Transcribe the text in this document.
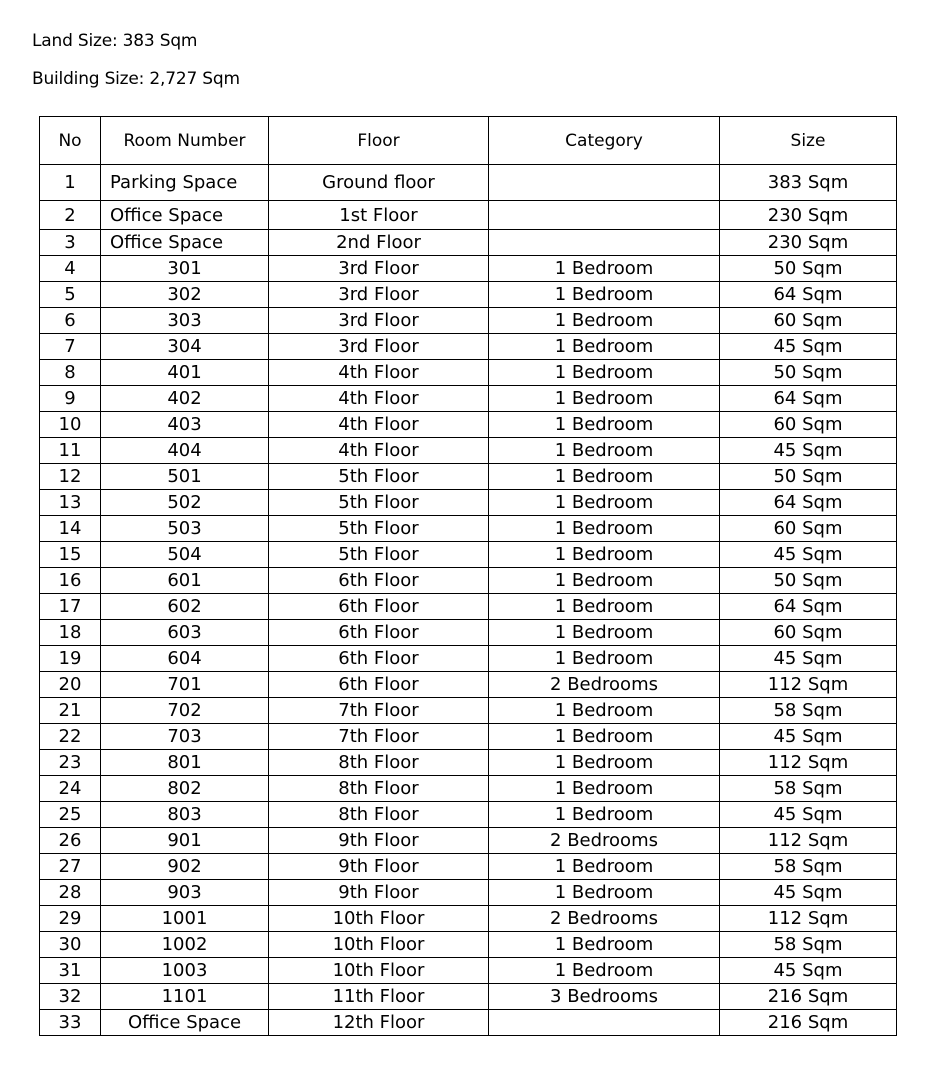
Land Size: 383 Sqm
Building Size: 2,727 Sqm
No	Room Number	Floor	Category	Size
1	Parking Space	Ground floor		383 Sqm
2	Office Space	1st Floor		230 Sqm
3	Office Space	2nd Floor		230 Sqm
4	301	3rd Floor	1 Bedroom	50 Sqm
5	302	3rd Floor	1 Bedroom	64 Sqm
6	303	3rd Floor	1 Bedroom	60 Sqm
7	304	3rd Floor	1 Bedroom	45 Sqm
8	401	4th Floor	1 Bedroom	50 Sqm
9	402	4th Floor	1 Bedroom	64 Sqm
10	403	4th Floor	1 Bedroom	60 Sqm
11	404	4th Floor	1 Bedroom	45 Sqm
12	501	5th Floor	1 Bedroom	50 Sqm
13	502	5th Floor	1 Bedroom	64 Sqm
14	503	5th Floor	1 Bedroom	60 Sqm
15	504	5th Floor	1 Bedroom	45 Sqm
16	601	6th Floor	1 Bedroom	50 Sqm
17	602	6th Floor	1 Bedroom	64 Sqm
18	603	6th Floor	1 Bedroom	60 Sqm
19	604	6th Floor	1 Bedroom	45 Sqm
20	701	6th Floor	2 Bedrooms	112 Sqm
21	702	7th Floor	1 Bedroom	58 Sqm
22	703	7th Floor	1 Bedroom	45 Sqm
23	801	8th Floor	1 Bedroom	112 Sqm
24	802	8th Floor	1 Bedroom	58 Sqm
25	803	8th Floor	1 Bedroom	45 Sqm
26	901	9th Floor	2 Bedrooms	112 Sqm
27	902	9th Floor	1 Bedroom	58 Sqm
28	903	9th Floor	1 Bedroom	45 Sqm
29	1001	10th Floor	2 Bedrooms	112 Sqm
30	1002	10th Floor	1 Bedroom	58 Sqm
31	1003	10th Floor	1 Bedroom	45 Sqm
32	1101	11th Floor	3 Bedrooms	216 Sqm
33	Office Space	12th Floor		216 Sqm
